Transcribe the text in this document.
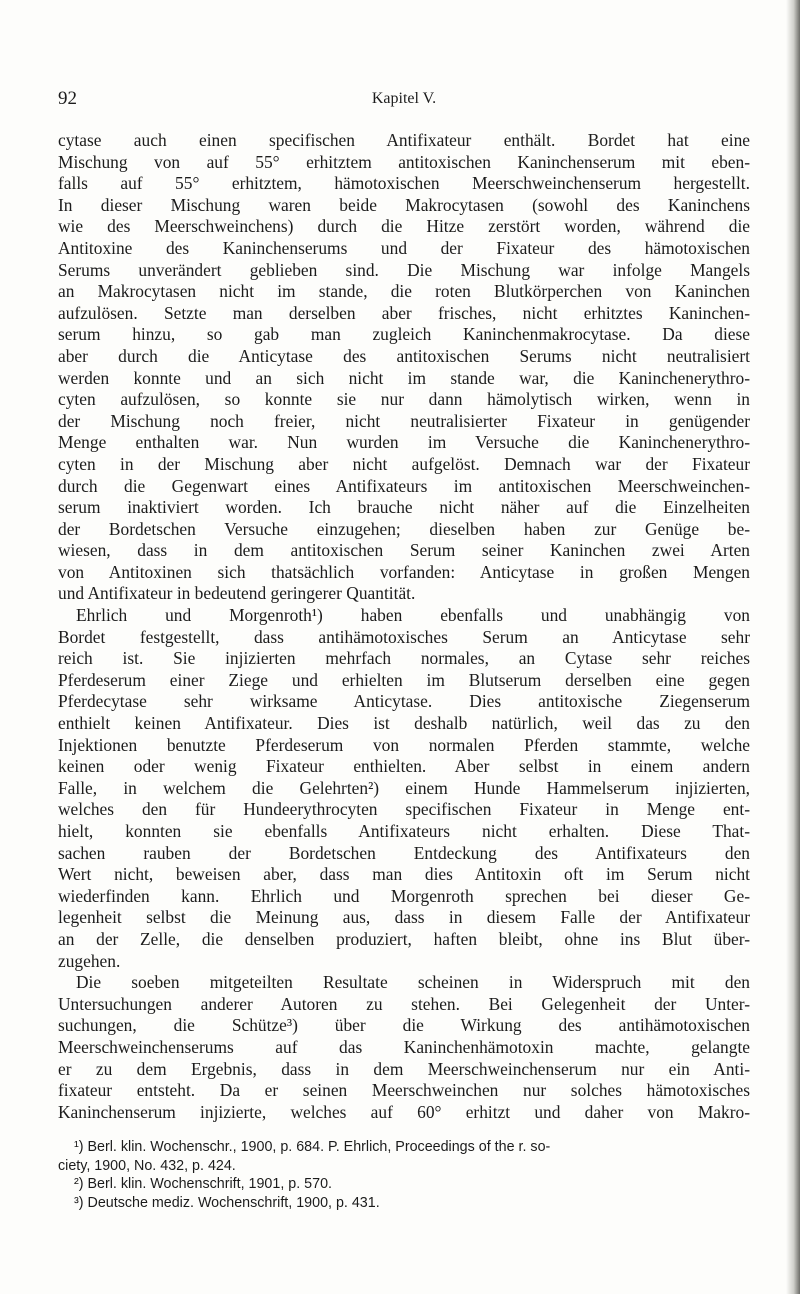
92	Kapitel V.
cytase auch einen specifischen Antifixateur enthält. Bordet hat eine
Mischung von auf 55° erhitztem antitoxischen Kaninchenserum mit eben-
falls auf 55° erhitztem, hämotoxischen Meerschweinchenserum hergestellt.
In dieser Mischung waren beide Makrocytasen (sowohl des Kaninchens
wie des Meerschweinchens) durch die Hitze zerstört worden, während die
Antitoxine des Kaninchenserums und der Fixateur des hämotoxischen
Serums unverändert geblieben sind. Die Mischung war infolge Mangels
an Makrocytasen nicht im stande, die roten Blutkörperchen von Kaninchen
aufzulösen. Setzte man derselben aber frisches, nicht erhitztes Kaninchen-
serum hinzu, so gab man zugleich Kaninchenmakrocytase. Da diese
aber durch die Anticytase des antitoxischen Serums nicht neutralisiert
werden konnte und an sich nicht im stande war, die Kaninchenerythro-
cyten aufzulösen, so konnte sie nur dann hämolytisch wirken, wenn in
der Mischung noch freier, nicht neutralisierter Fixateur in genügender
Menge enthalten war. Nun wurden im Versuche die Kaninchenerythro-
cyten in der Mischung aber nicht aufgelöst. Demnach war der Fixateur
durch die Gegenwart eines Antifixateurs im antitoxischen Meerschweinchen-
serum inaktiviert worden. Ich brauche nicht näher auf die Einzelheiten
der Bordetschen Versuche einzugehen; dieselben haben zur Genüge be-
wiesen, dass in dem antitoxischen Serum seiner Kaninchen zwei Arten
von Antitoxinen sich thatsächlich vorfanden: Anticytase in großen Mengen
und Antifixateur in bedeutend geringerer Quantität.
Ehrlich und Morgenroth¹) haben ebenfalls und unabhängig von
Bordet festgestellt, dass antihämotoxisches Serum an Anticytase sehr
reich ist. Sie injizierten mehrfach normales, an Cytase sehr reiches
Pferdeserum einer Ziege und erhielten im Blutserum derselben eine gegen
Pferdecytase sehr wirksame Anticytase. Dies antitoxische Ziegenserum
enthielt keinen Antifixateur. Dies ist deshalb natürlich, weil das zu den
Injektionen benutzte Pferdeserum von normalen Pferden stammte, welche
keinen oder wenig Fixateur enthielten. Aber selbst in einem andern
Falle, in welchem die Gelehrten²) einem Hunde Hammelserum injizierten,
welches den für Hundeerythrocyten specifischen Fixateur in Menge ent-
hielt, konnten sie ebenfalls Antifixateurs nicht erhalten. Diese That-
sachen rauben der Bordetschen Entdeckung des Antifixateurs den
Wert nicht, beweisen aber, dass man dies Antitoxin oft im Serum nicht
wiederfinden kann. Ehrlich und Morgenroth sprechen bei dieser Ge-
legenheit selbst die Meinung aus, dass in diesem Falle der Antifixateur
an der Zelle, die denselben produziert, haften bleibt, ohne ins Blut über-
zugehen.
Die soeben mitgeteilten Resultate scheinen in Widerspruch mit den
Untersuchungen anderer Autoren zu stehen. Bei Gelegenheit der Unter-
suchungen, die Schütze³) über die Wirkung des antihämotoxischen
Meerschweinchenserums auf das Kaninchenhämotoxin machte, gelangte
er zu dem Ergebnis, dass in dem Meerschweinchenserum nur ein Anti-
fixateur entsteht. Da er seinen Meerschweinchen nur solches hämotoxisches
Kaninchenserum injizierte, welches auf 60° erhitzt und daher von Makro-
¹) Berl. klin. Wochenschr., 1900, p. 684. P. Ehrlich, Proceedings of the r. so-
ciety, 1900, No. 432, p. 424.
²) Berl. klin. Wochenschrift, 1901, p. 570.
³) Deutsche mediz. Wochenschrift, 1900, p. 431.
